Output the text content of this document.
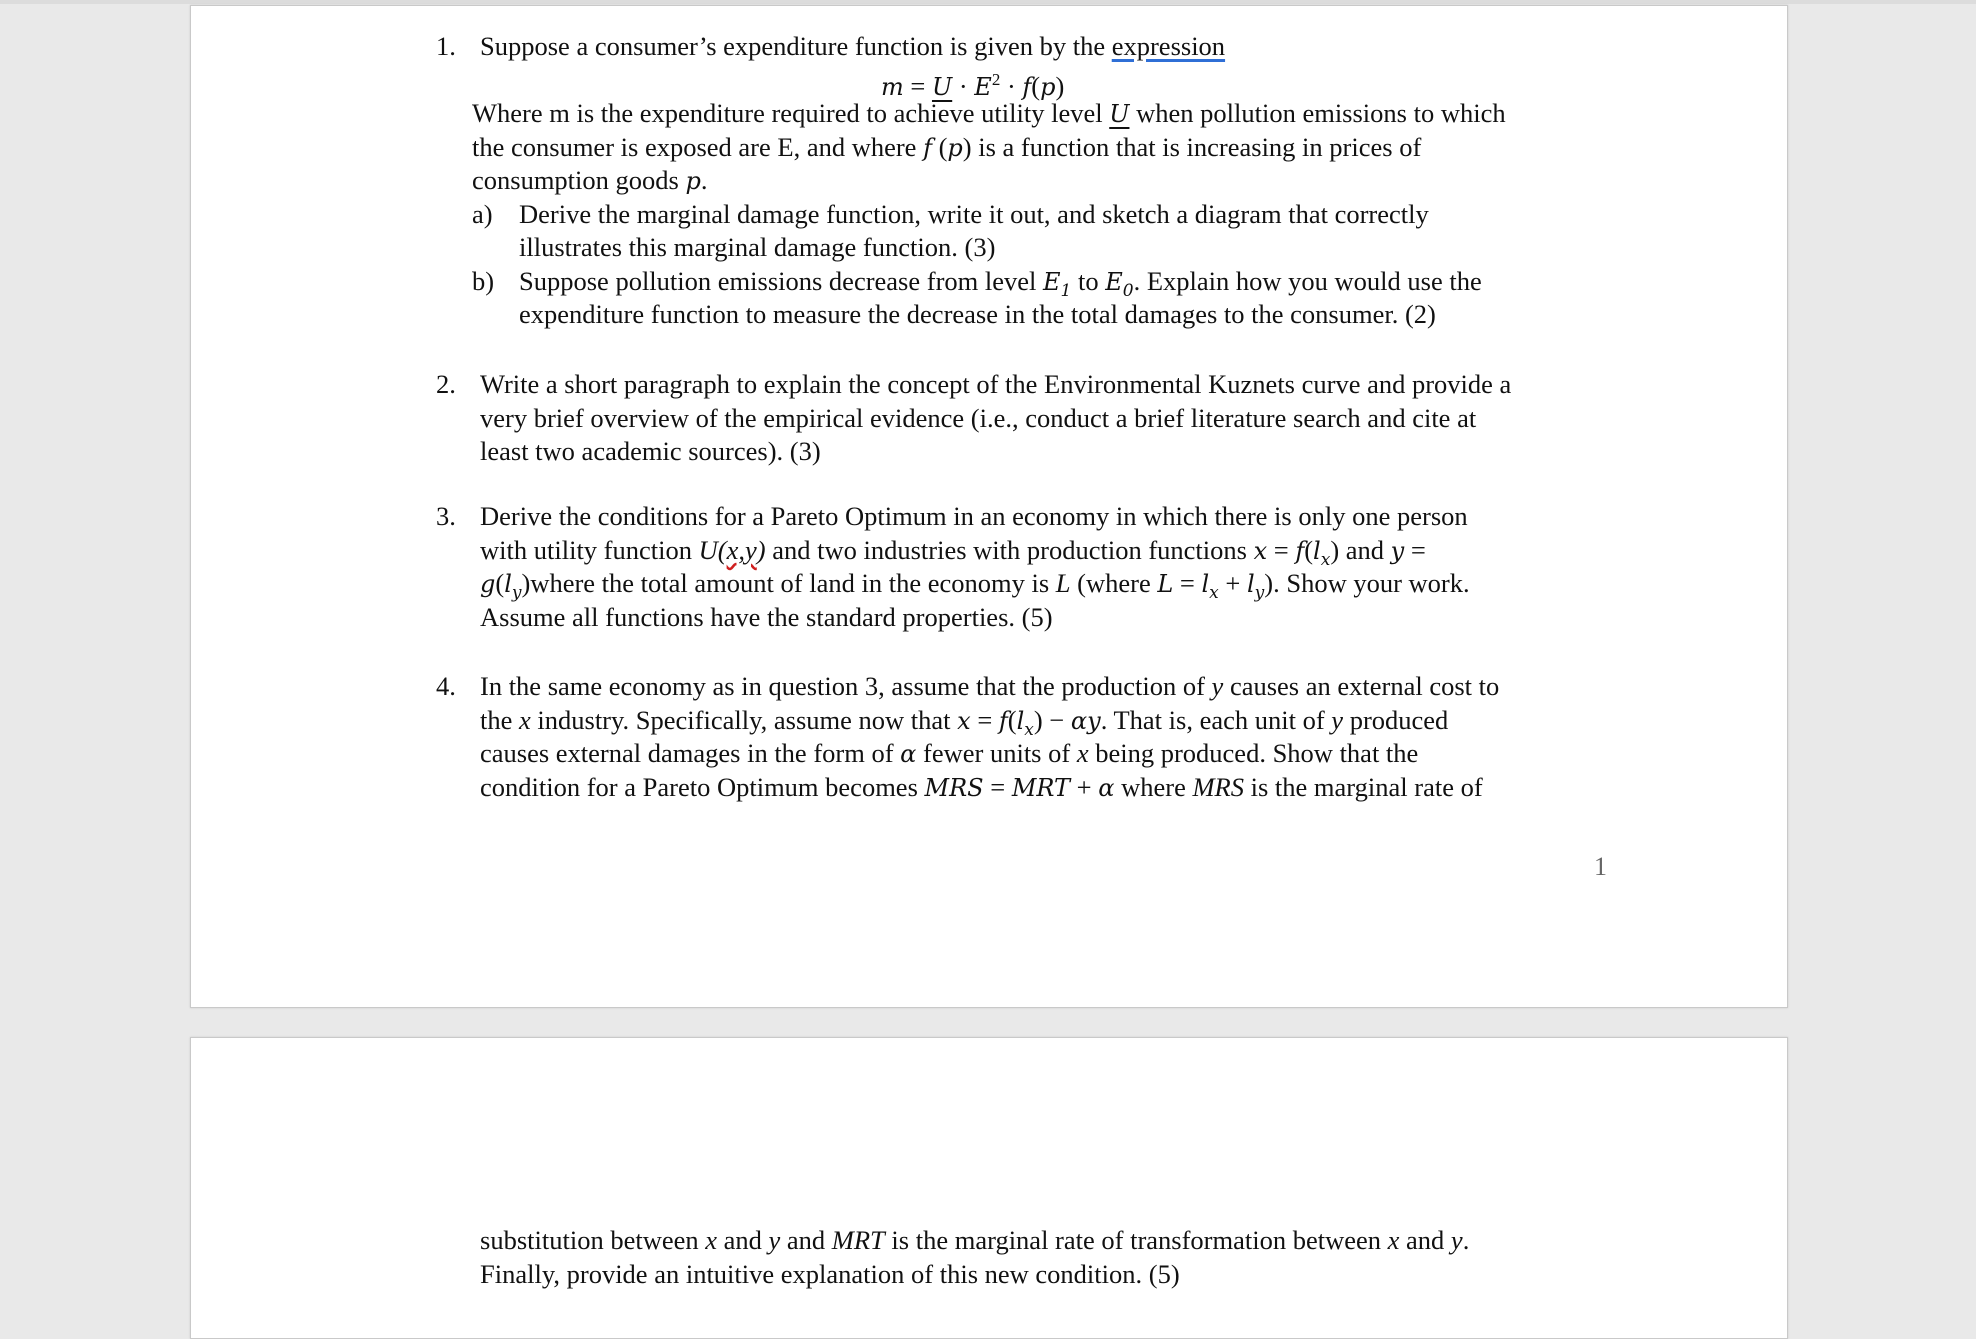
1. Suppose a consumer’s expenditure function is given by the expression
$m = U \cdot E^2 \cdot f(p)$
Where m is the expenditure required to achieve utility level U when pollution emissions to which
the consumer is exposed are E, and where f (p) is a function that is increasing in prices of
consumption goods p.
a) Derive the marginal damage function, write it out, and sketch a diagram that correctly
illustrates this marginal damage function. (3)
b) Suppose pollution emissions decrease from level $E_1$ to $E_0$. Explain how you would use the
expenditure function to measure the decrease in the total damages to the consumer. (2)
2. Write a short paragraph to explain the concept of the Environmental Kuznets curve and provide a
very brief overview of the empirical evidence (i.e., conduct a brief literature search and cite at
least two academic sources). (3)
3. Derive the conditions for a Pareto Optimum in an economy in which there is only one person
with utility function U(x,y) and two industries with production functions $x = f(l_x)$ and y =
$g(l_y)where$ the total amount of land in the economy is L (where $L = l_x + l_y$). Show your work.
Assume all functions have the standard properties. (5)
4. In the same economy as in question 3, assume that the production of y causes an external cost to
the x industry. Specifically, assume now that $x = f(l_x) - \alpha y$. That is, each unit of y produced
causes external damages in the form of α fewer units of x being produced. Show that the
condition for a Pareto Optimum becomes MRS = MRT + α where MRS is the marginal rate of
1
substitution between x and y and MRT is the marginal rate of transformation between x and y.
Finally, provide an intuitive explanation of this new condition. (5)
